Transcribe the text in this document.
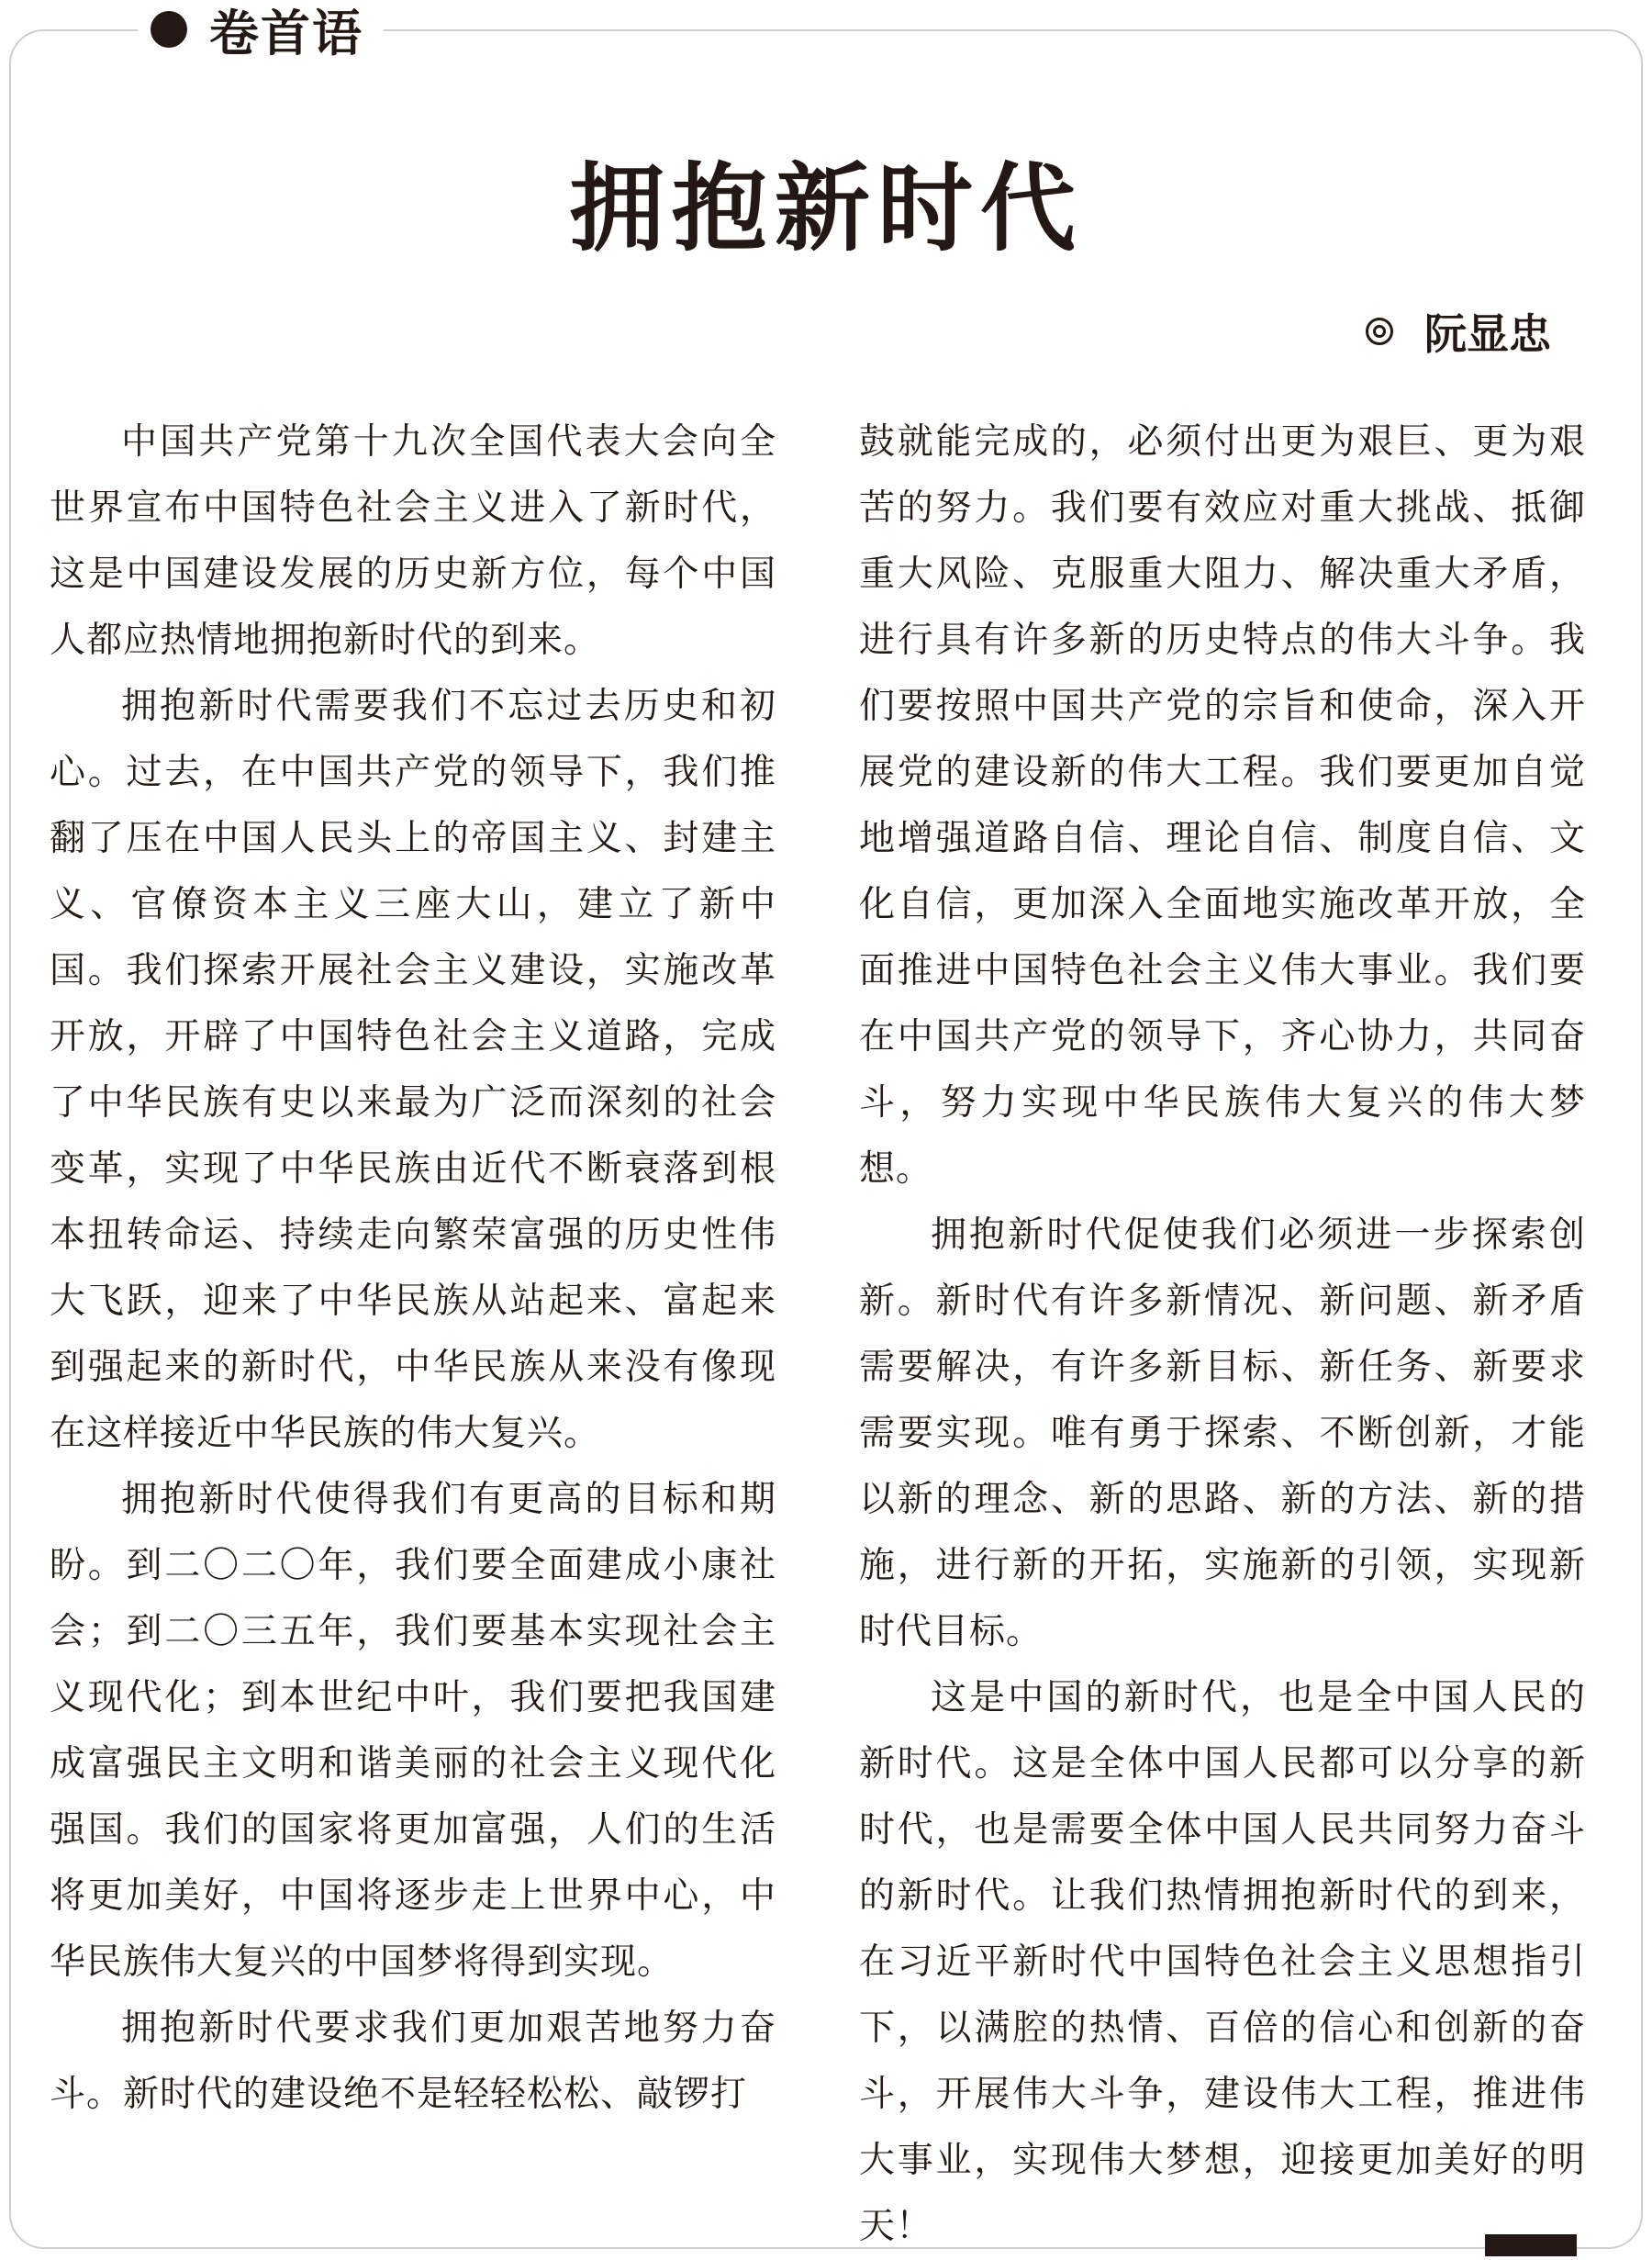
卷首语
拥抱新时代
阮显忠

中国共产党第十九次全国代表大会向全世界宣布中国特色社会主义进入了新时代，这是中国建设发展的历史新方位，每个中国人都应热情地拥抱新时代的到来。

拥抱新时代需要我们不忘过去历史和初心。过去，在中国共产党的领导下，我们推翻了压在中国人民头上的帝国主义、封建主义、官僚资本主义三座大山，建立了新中国。我们探索开展社会主义建设，实施改革开放，开辟了中国特色社会主义道路，完成了中华民族有史以来最为广泛而深刻的社会变革，实现了中华民族由近代不断衰落到根本扭转命运、持续走向繁荣富强的历史性伟大飞跃，迎来了中华民族从站起来、富起来到强起来的新时代，中华民族从来没有像现在这样接近中华民族的伟大复兴。

拥抱新时代使得我们有更高的目标和期盼。到二〇二〇年，我们要全面建成小康社会；到二〇三五年，我们要基本实现社会主义现代化；到本世纪中叶，我们要把我国建成富强民主文明和谐美丽的社会主义现代化强国。我们的国家将更加富强，人们的生活将更加美好，中国将逐步走上世界中心，中华民族伟大复兴的中国梦将得到实现。

拥抱新时代要求我们更加艰苦地努力奋斗。新时代的建设绝不是轻轻松松、敲锣打

鼓就能完成的，必须付出更为艰巨、更为艰苦的努力。我们要有效应对重大挑战、抵御重大风险、克服重大阻力、解决重大矛盾，进行具有许多新的历史特点的伟大斗争。我们要按照中国共产党的宗旨和使命，深入开展党的建设新的伟大工程。我们要更加自觉地增强道路自信、理论自信、制度自信、文化自信，更加深入全面地实施改革开放，全面推进中国特色社会主义伟大事业。我们要在中国共产党的领导下，齐心协力，共同奋斗，努力实现中华民族伟大复兴的伟大梦想。

拥抱新时代促使我们必须进一步探索创新。新时代有许多新情况、新问题、新矛盾需要解决，有许多新目标、新任务、新要求需要实现。唯有勇于探索、不断创新，才能以新的理念、新的思路、新的方法、新的措施，进行新的开拓，实施新的引领，实现新时代目标。

这是中国的新时代，也是全中国人民的新时代。这是全体中国人民都可以分享的新时代，也是需要全体中国人民共同努力奋斗的新时代。让我们热情拥抱新时代的到来，在习近平新时代中国特色社会主义思想指引下，以满腔的热情、百倍的信心和创新的奋斗，开展伟大斗争，建设伟大工程，推进伟大事业，实现伟大梦想，迎接更加美好的明天！
